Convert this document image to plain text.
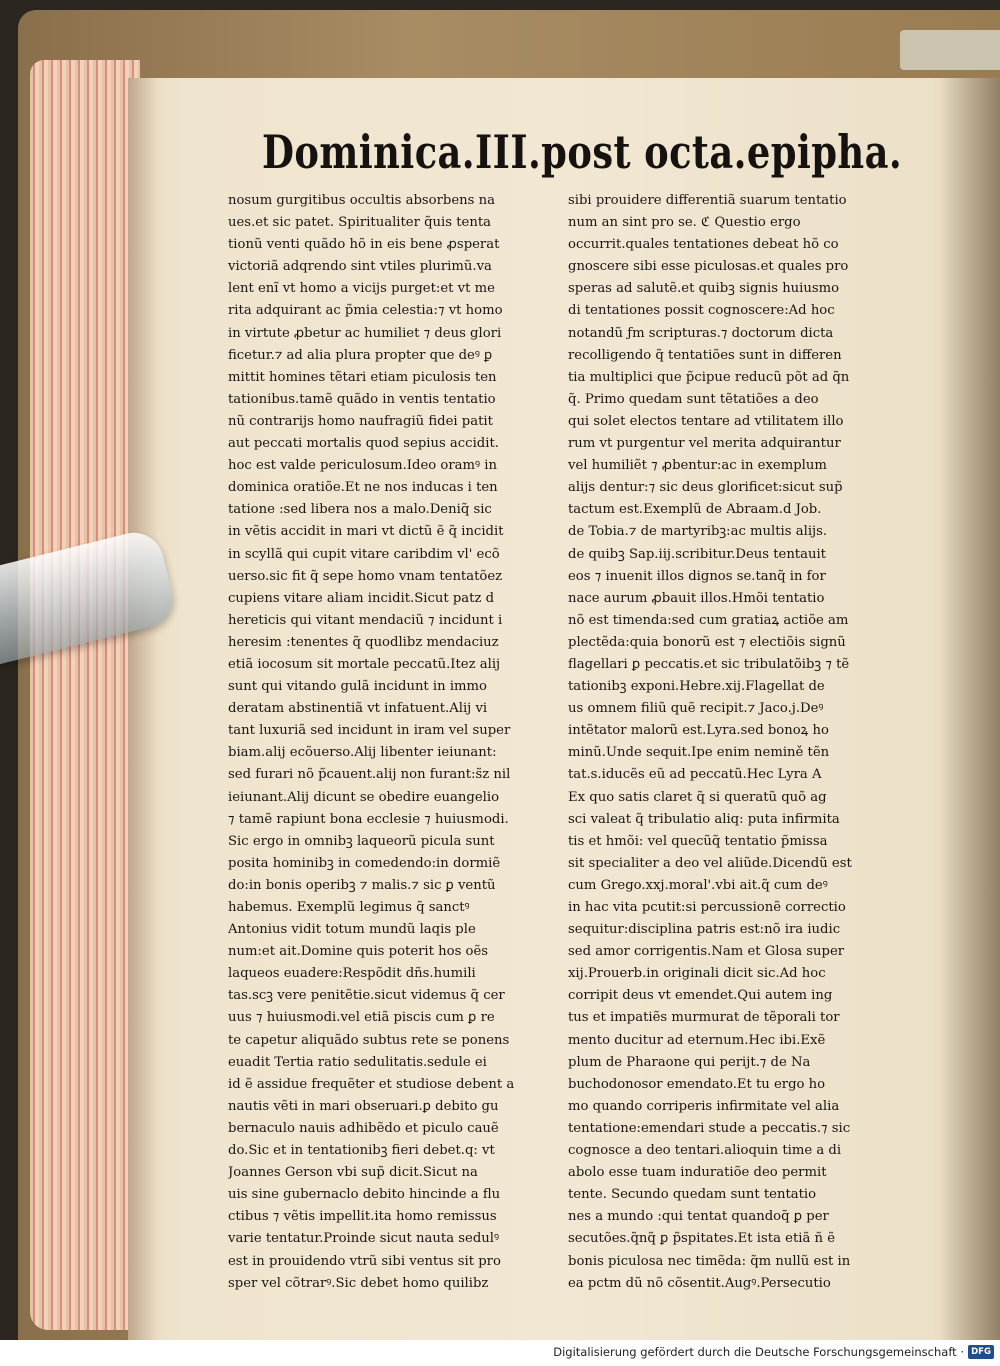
Dominica.III.post octa.epipha.
nosum gurgitibus occultis absorbens na
ues.et sic patet. Spiritualiter q̃uis tenta
tionũ venti quãdo hõ in eis bene ꝓsperat
victoriã adqrendo sint vtiles plurimũ.va
lent enĩ vt homo a vicijs purget:et vt me
rita adquirant ac p̃mia celestia:⁊ vt homo
in virtute ꝓbetur ac humiliet ⁊ deus glori
ficetur.⁊ ad alia plura propter que deꝰ ꝑ
mittit homines tẽtari etiam piculosis ten
tationibus.tamẽ quãdo in ventis tentatio
nũ contrarijs homo naufragiũ fidei patit
aut peccati mortalis quod sepius accidit.
hoc est valde periculosum.Ideo oramꝰ in
dominica oratiõe.Et ne nos inducas i ten
tatione :sed libera nos a malo.Deniq̃ sic
in vẽtis accidit in mari vt dictũ ẽ q̃ incidit
in scyllã qui cupit vitare caribdim vl' ecõ
uerso.sic fit q̃ sepe homo vnam tentatõez
cupiens vitare aliam incidit.Sicut patz d
hereticis qui vitant mendaciũ ⁊ incidunt i
heresim :tenentes q̃ quodlibz mendaciuz
etiã iocosum sit mortale peccatũ.Itez alij
sunt qui vitando gulã incidunt in immo
deratam abstinentiã vt infatuent.Alij vi
tant luxuriã sed incidunt in iram vel super
biam.alij ecõuerso.Alij libenter ieiunant:
sed furari nõ p̃cauent.alij non furant:s̃z nil
ieiunant.Alij dicunt se obedire euangelio
⁊ tamẽ rapiunt bona ecclesie ⁊ huiusmodi.
Sic ergo in omnibꝫ laqueorũ picula sunt
posita hominibꝫ in comedendo:in dormiẽ
do:in bonis operibꝫ ⁊ malis.⁊ sic ꝑ ventũ
habemus. Exemplũ legimus q̃ sanctꝰ
Antonius vidit totum mundũ laqis ple
num:et ait.Domine quis poterit hos oẽs
laqueos euadere:Respõdit dñs.humili
tas.scꝫ vere penitẽtie.sicut videmus q̃ cer
uus ⁊ huiusmodi.vel etiã piscis cum ꝑ re
te capetur aliquãdo subtus rete se ponens
euadit Tertia ratio sedulitatis.sedule ei
id ẽ assidue frequẽter et studiose debent a
nautis vẽti in mari obseruari.ꝑ debito gu
bernaculo nauis adhibẽdo et piculo cauẽ
do.Sic et in tentationibꝫ fieri debet.q: vt
Joannes Gerson vbi sup̃ dicit.Sicut na
uis sine gubernaclo debito hincinde a flu
ctibus ⁊ vẽtis impellit.ita homo remissus
varie tentatur.Proinde sicut nauta sedulꝰ
est in prouidendo vtrũ sibi ventus sit pro
sper vel cõtrarꝰ.Sic debet homo quilibz
sibi prouidere differentiã suarum tentatio
num an sint pro se. ℭ Questio ergo
occurrit.quales tentationes debeat hõ co
gnoscere sibi esse piculosas.et quales pro
speras ad salutẽ.et quibꝫ signis huiusmo
di tentationes possit cognoscere:Ad hoc
notandũ ƒm scripturas.⁊ doctorum dicta
recolligendo q̃ tentatiões sunt in differen
tia multiplici que p̃cipue reducũ põt ad q̃n
q̃. Primo quedam sunt tẽtatiões a deo
qui solet electos tentare ad vtilitatem illo
rum vt purgentur vel merita adquirantur
vel humiliẽt ⁊ ꝓbentur:ac in exemplum
alijs dentur:⁊ sic deus glorificet:sicut sup̃
tactum est.Exemplũ de Abraam.d Job.
de Tobia.⁊ de martyribꝫ:ac multis alijs.
de quibꝫ Sap.iij.scribitur.Deus tentauit
eos ⁊ inuenit illos dignos se.tanq̃ in for
nace aurum ꝓbauit illos.Hmõi tentatio
nõ est timenda:sed cum gratiaꝝ actiõe am
plectẽda:quia bonorũ est ⁊ electiõis signũ
flagellari ꝑ peccatis.et sic tribulatõibꝫ ⁊ tẽ
tationibꝫ exponi.Hebre.xij.Flagellat de
us omnem filiũ quẽ recipit.⁊ Jaco.j.Deꝰ
intẽtator malorũ est.Lyra.sed bonoꝝ ho
minũ.Unde sequit.Ipe enim nemině tẽn
tat.s.iducẽs eũ ad peccatũ.Hec Lyra A
Ex quo satis claret q̃ si queratũ quõ ag
sci valeat q̃ tribulatio aliq: puta infirmita
tis et hmõi: vel quecũq̃ tentatio p̃missa
sit specialiter a deo vel aliũde.Dicendũ est
cum Grego.xxj.moral'.vbi ait.q̃ cum deꝰ
in hac vita pcutit:si percussionẽ correctio
sequitur:disciplina patris est:nõ ira iudic
sed amor corrigentis.Nam et Glosa super
xij.Prouerb.in originali dicit sic.Ad hoc
corripit deus vt emendet.Qui autem ing
tus et impatiẽs murmurat de tẽporali tor
mento ducitur ad eternum.Hec ibi.Exẽ
plum de Pharaone qui perijt.⁊ de Na
buchodonosor emendato.Et tu ergo ho
mo quando corriperis infirmitate vel alia
tentatione:emendari stude a peccatis.⁊ sic
cognosce a deo tentari.alioquin time a di
abolo esse tuam induratiõe deo permit
tente. Secundo quedam sunt tentatio
nes a mundo :qui tentat quandoq̃ ꝑ per
secutões.q̃nq̃ ꝑ p̃spitates.Et ista etiã ñ ẽ
bonis piculosa nec timẽda: q̃m nullũ est in
ea pctm dũ nõ cõsentit.Augꝰ.Persecutio
Digitalisierung gefördert durch die Deutsche Forschungsgemeinschaft · DFG
